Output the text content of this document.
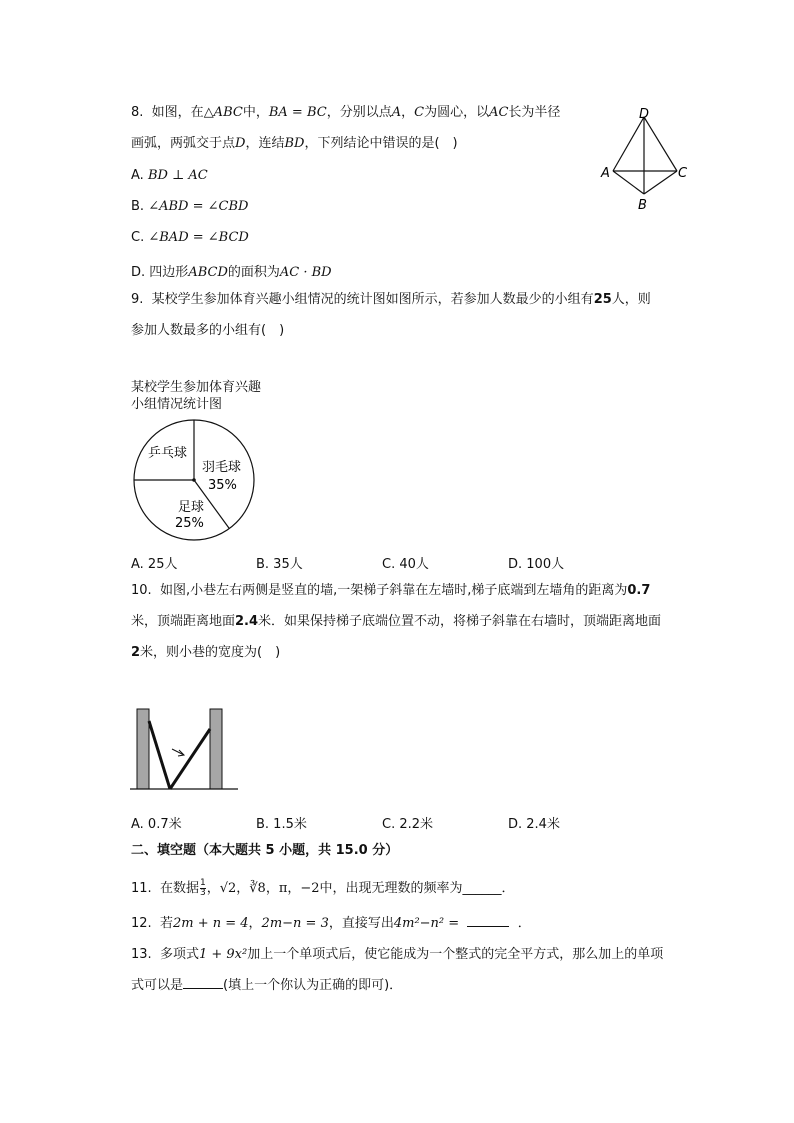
8. 如图，在△ABC中，BA = BC，分别以点A，C为圆心，以AC长为半径
画弧，两弧交于点D，连结BD，下列结论中错误的是(　)
A. BD ⊥ AC
B. ∠ABD = ∠CBD
C. ∠BAD = ∠BCD
D. 四边形ABCD的面积为AC · BD
D
A	C
B
9. 某校学生参加体育兴趣小组情况的统计图如图所示，若参加人数最少的小组有25人，则
参加人数最多的小组有(　)
某校学生参加体育兴趣
小组情况统计图
乒乓球
羽毛球
35%
足球
25%
A. 25人	B. 35人	C. 40人	D. 100人
10. 如图,小巷左右两侧是竖直的墙,一架梯子斜靠在左墙时,梯子底端到左墙角的距离为0.7
米，顶端距离地面2.4米．如果保持梯子底端位置不动，将梯子斜靠在右墙时，顶端距离地面
2米，则小巷的宽度为(　)
A. 0.7米	B. 1.5米	C. 2.2米	D. 2.4米
二、填空题（本大题共 5 小题，共 15.0 分）
11. 在数据 $\frac{1}{3}$ ，√2，∛8，π，−2中，出现无理数的频率为______．
12. 若2m + n = 4，2m−n = 3，直接写出4m²−n² =	．
13. 多项式1 + 9x²加上一个单项式后，使它能成为一个整式的完全平方式，那么加上的单项
式可以是	(填上一个你认为正确的即可)．
